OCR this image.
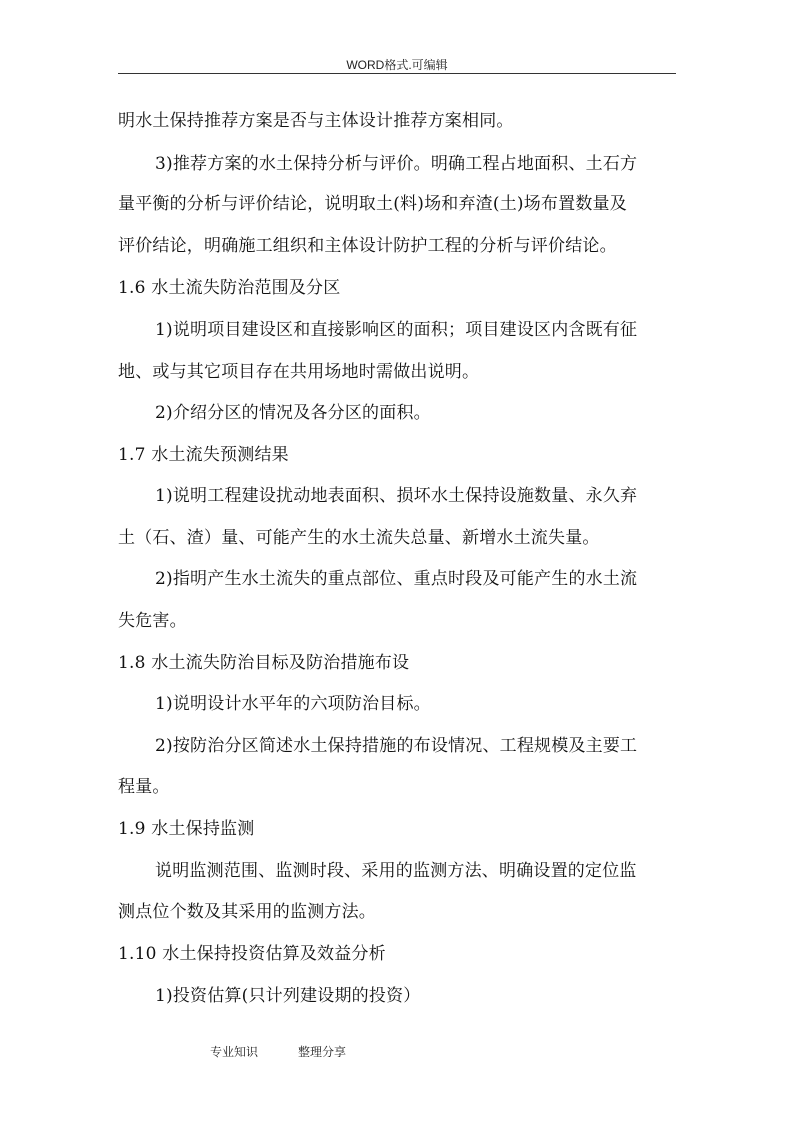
WORD格式.可编辑
明水土保持推荐方案是否与主体设计推荐方案相同。
3)推荐方案的水土保持分析与评价。明确工程占地面积、土石方
量平衡的分析与评价结论，说明取土(料)场和弃渣(土)场布置数量及
评价结论，明确施工组织和主体设计防护工程的分析与评价结论。
1.6 水土流失防治范围及分区
1)说明项目建设区和直接影响区的面积；项目建设区内含既有征
地、或与其它项目存在共用场地时需做出说明。
2)介绍分区的情况及各分区的面积。
1.7 水土流失预测结果
1)说明工程建设扰动地表面积、损坏水土保持设施数量、永久弃
土（石、渣）量、可能产生的水土流失总量、新增水土流失量。
2)指明产生水土流失的重点部位、重点时段及可能产生的水土流
失危害。
1.8 水土流失防治目标及防治措施布设
1)说明设计水平年的六项防治目标。
2)按防治分区简述水土保持措施的布设情况、工程规模及主要工
程量。
1.9 水土保持监测
说明监测范围、监测时段、采用的监测方法、明确设置的定位监
测点位个数及其采用的监测方法。
1.10 水土保持投资估算及效益分析
1)投资估算(只计列建设期的投资）
专业知识	整理分享
